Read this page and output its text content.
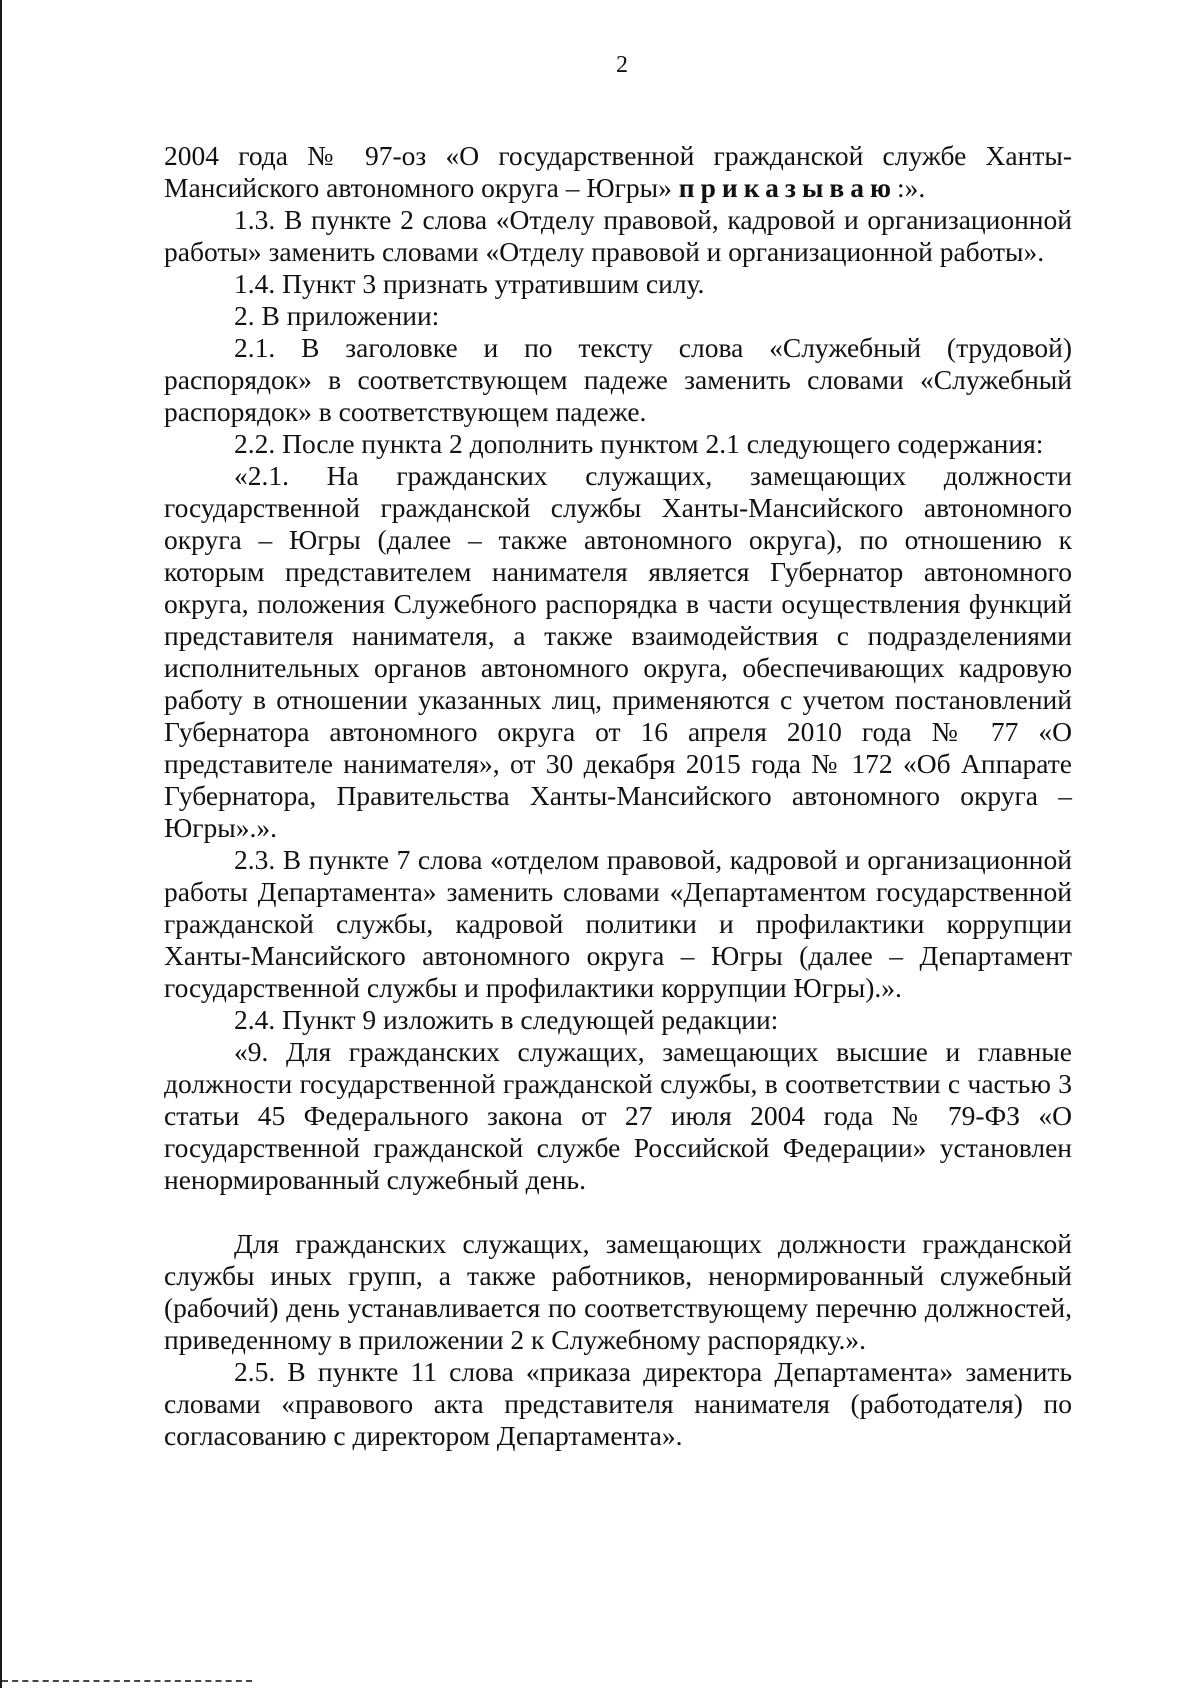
2

2004 года № 97-оз «О государственной гражданской службе Ханты-Мансийского автономного округа – Югры» приказываю:».

1.3. В пункте 2 слова «Отделу правовой, кадровой и организационной работы» заменить словами «Отделу правовой и организационной работы».

1.4. Пункт 3 признать утратившим силу.

2. В приложении:

2.1. В заголовке и по тексту слова «Служебный (трудовой) распорядок» в соответствующем падеже заменить словами «Служебный распорядок» в соответствующем падеже.

2.2. После пункта 2 дополнить пунктом 2.1 следующего содержания:

«2.1. На гражданских служащих, замещающих должности государственной гражданской службы Ханты-Мансийского автономного округа – Югры (далее – также автономного округа), по отношению к которым представителем нанимателя является Губернатор автономного округа, положения Служебного распорядка в части осуществления функций представителя нанимателя, а также взаимодействия с подразделениями исполнительных органов автономного округа, обеспечивающих кадровую работу в отношении указанных лиц, применяются с учетом постановлений Губернатора автономного округа от 16 апреля 2010 года № 77 «О представителе нанимателя», от 30 декабря 2015 года № 172 «Об Аппарате Губернатора, Правительства Ханты-Мансийского автономного округа – Югры».».

2.3. В пункте 7 слова «отделом правовой, кадровой и организационной работы Департамента» заменить словами «Департаментом государственной гражданской службы, кадровой политики и профилактики коррупции Ханты-Мансийского автономного округа – Югры (далее – Департамент государственной службы и профилактики коррупции Югры).».

2.4. Пункт 9 изложить в следующей редакции:

«9. Для гражданских служащих, замещающих высшие и главные должности государственной гражданской службы, в соответствии с частью 3 статьи 45 Федерального закона от 27 июля 2004 года № 79-ФЗ «О государственной гражданской службе Российской Федерации» установлен ненормированный служебный день.

Для гражданских служащих, замещающих должности гражданской службы иных групп, а также работников, ненормированный служебный (рабочий) день устанавливается по соответствующему перечню должностей, приведенному в приложении 2 к Служебному распорядку.».

2.5. В пункте 11 слова «приказа директора Департамента» заменить словами «правового акта представителя нанимателя (работодателя) по согласованию с директором Департамента».
